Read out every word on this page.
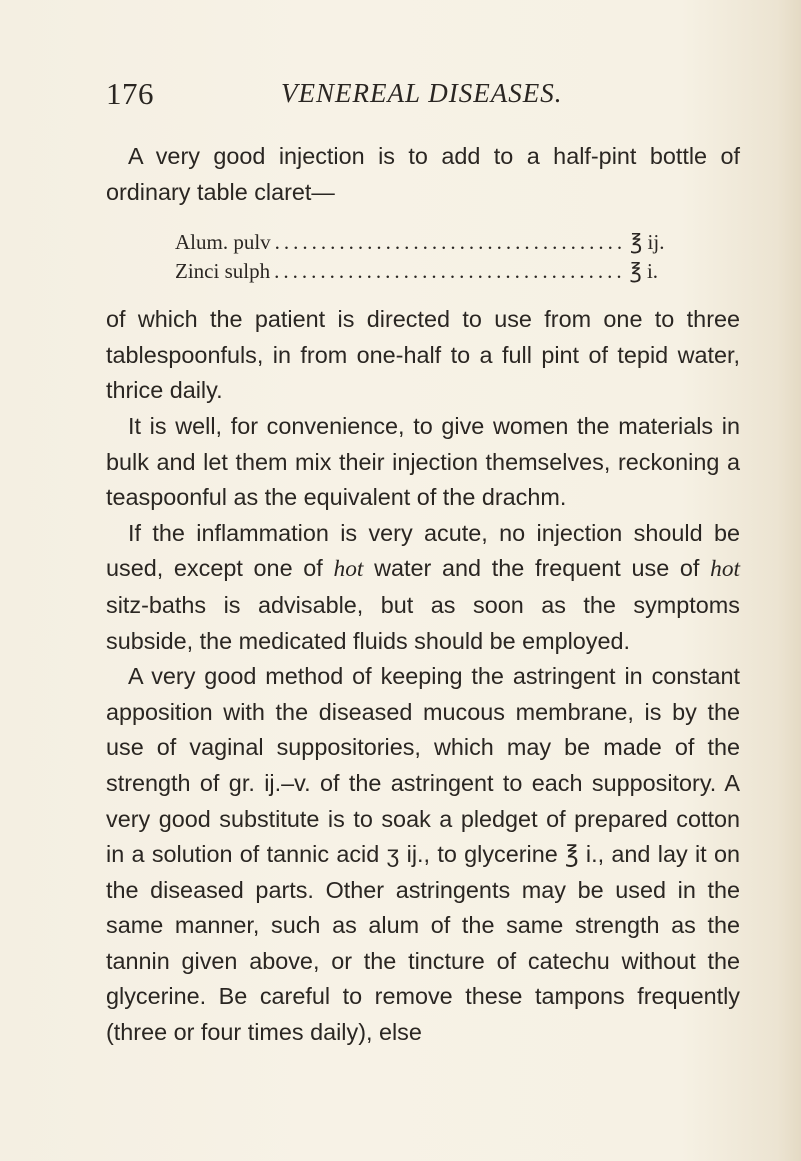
176	VENEREAL DISEASES.

A very good injection is to add to a half-pint bottle of ordinary table claret—

Alum. pulv ...................................... ℥ ij.
Zinci sulph ...................................... ℥ i.

of which the patient is directed to use from one to three tablespoonfuls, in from one-half to a full pint of tepid water, thrice daily.

It is well, for convenience, to give women the materials in bulk and let them mix their injection themselves, reckoning a teaspoonful as the equivalent of the drachm.

If the inflammation is very acute, no injection should be used, except one of hot water and the frequent use of hot sitz-baths is advisable, but as soon as the symptoms subside, the medicated fluids should be employed.

A very good method of keeping the astringent in constant apposition with the diseased mucous membrane, is by the use of vaginal suppositories, which may be made of the strength of gr. ij.–v. of the astringent to each suppository. A very good substitute is to soak a pledget of prepared cotton in a solution of tannic acid ʒ ij., to glycerine ℥ i., and lay it on the diseased parts. Other astringents may be used in the same manner, such as alum of the same strength as the tannin given above, or the tincture of catechu without the glycerine. Be careful to remove these tampons frequently (three or four times daily), else
